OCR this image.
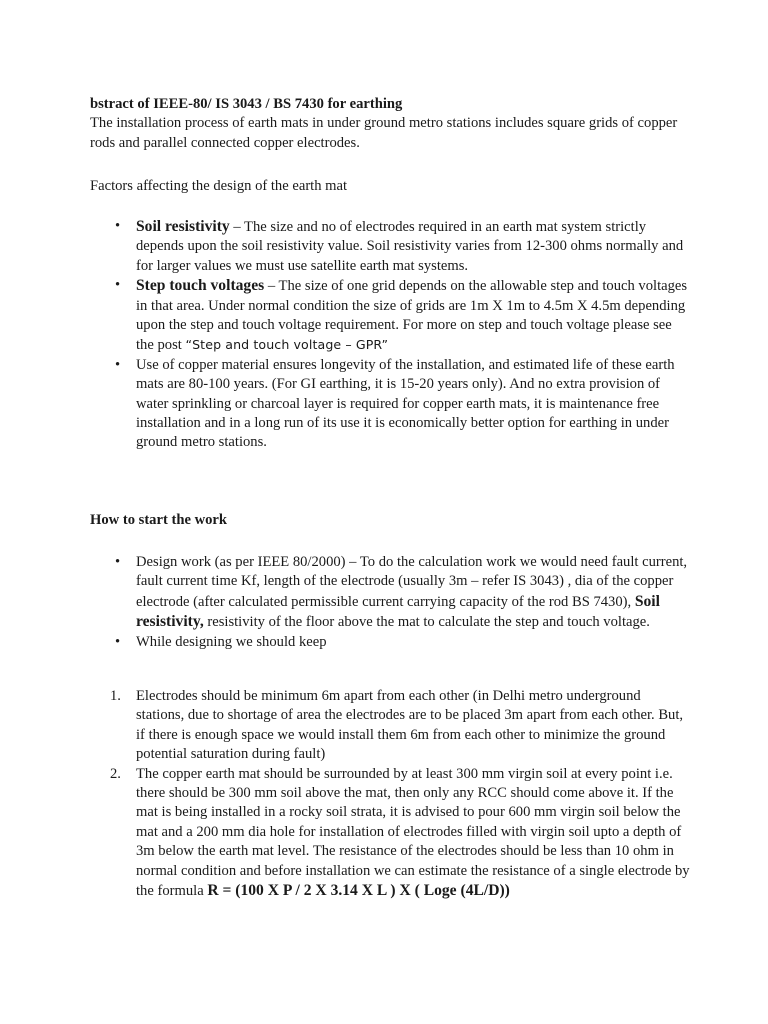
bstract of IEEE-80/ IS 3043 / BS 7430 for earthing

The installation process of earth mats in under ground metro stations includes square grids of copper rods and parallel connected copper electrodes.

Factors affecting the design of the earth mat

• Soil resistivity – The size and no of electrodes required in an earth mat system strictly depends upon the soil resistivity value. Soil resistivity varies from 12-300 ohms normally and for larger values we must use satellite earth mat systems.
• Step touch voltages – The size of one grid depends on the allowable step and touch voltages in that area. Under normal condition the size of grids are 1m X 1m to 4.5m X 4.5m depending upon the step and touch voltage requirement. For more on step and touch voltage please see the post “Step and touch voltage – GPR”
• Use of copper material ensures longevity of the installation, and estimated life of these earth mats are 80-100 years. (For GI earthing, it is 15-20 years only). And no extra provision of water sprinkling or charcoal layer is required for copper earth mats, it is maintenance free installation and in a long run of its use it is economically better option for earthing in under ground metro stations.

How to start the work

• Design work (as per IEEE 80/2000) – To do the calculation work we would need fault current, fault current time Kf, length of the electrode (usually 3m – refer IS 3043) , dia of the copper electrode (after calculated permissible current carrying capacity of the rod BS 7430), Soil resistivity, resistivity of the floor above the mat to calculate the step and touch voltage.
• While designing we should keep
1. Electrodes should be minimum 6m apart from each other (in Delhi metro underground stations, due to shortage of area the electrodes are to be placed 3m apart from each other. But, if there is enough space we would install them 6m from each other to minimize the ground potential saturation during fault)
2. The copper earth mat should be surrounded by at least 300 mm virgin soil at every point i.e. there should be 300 mm soil above the mat, then only any RCC should come above it. If the mat is being installed in a rocky soil strata, it is advised to pour 600 mm virgin soil below the mat and a 200 mm dia hole for installation of electrodes filled with virgin soil upto a depth of 3m below the earth mat level. The resistance of the electrodes should be less than 10 ohm in normal condition and before installation we can estimate the resistance of a single electrode by the formula R = (100 X P / 2 X 3.14 X L ) X ( Loge (4L/D))
